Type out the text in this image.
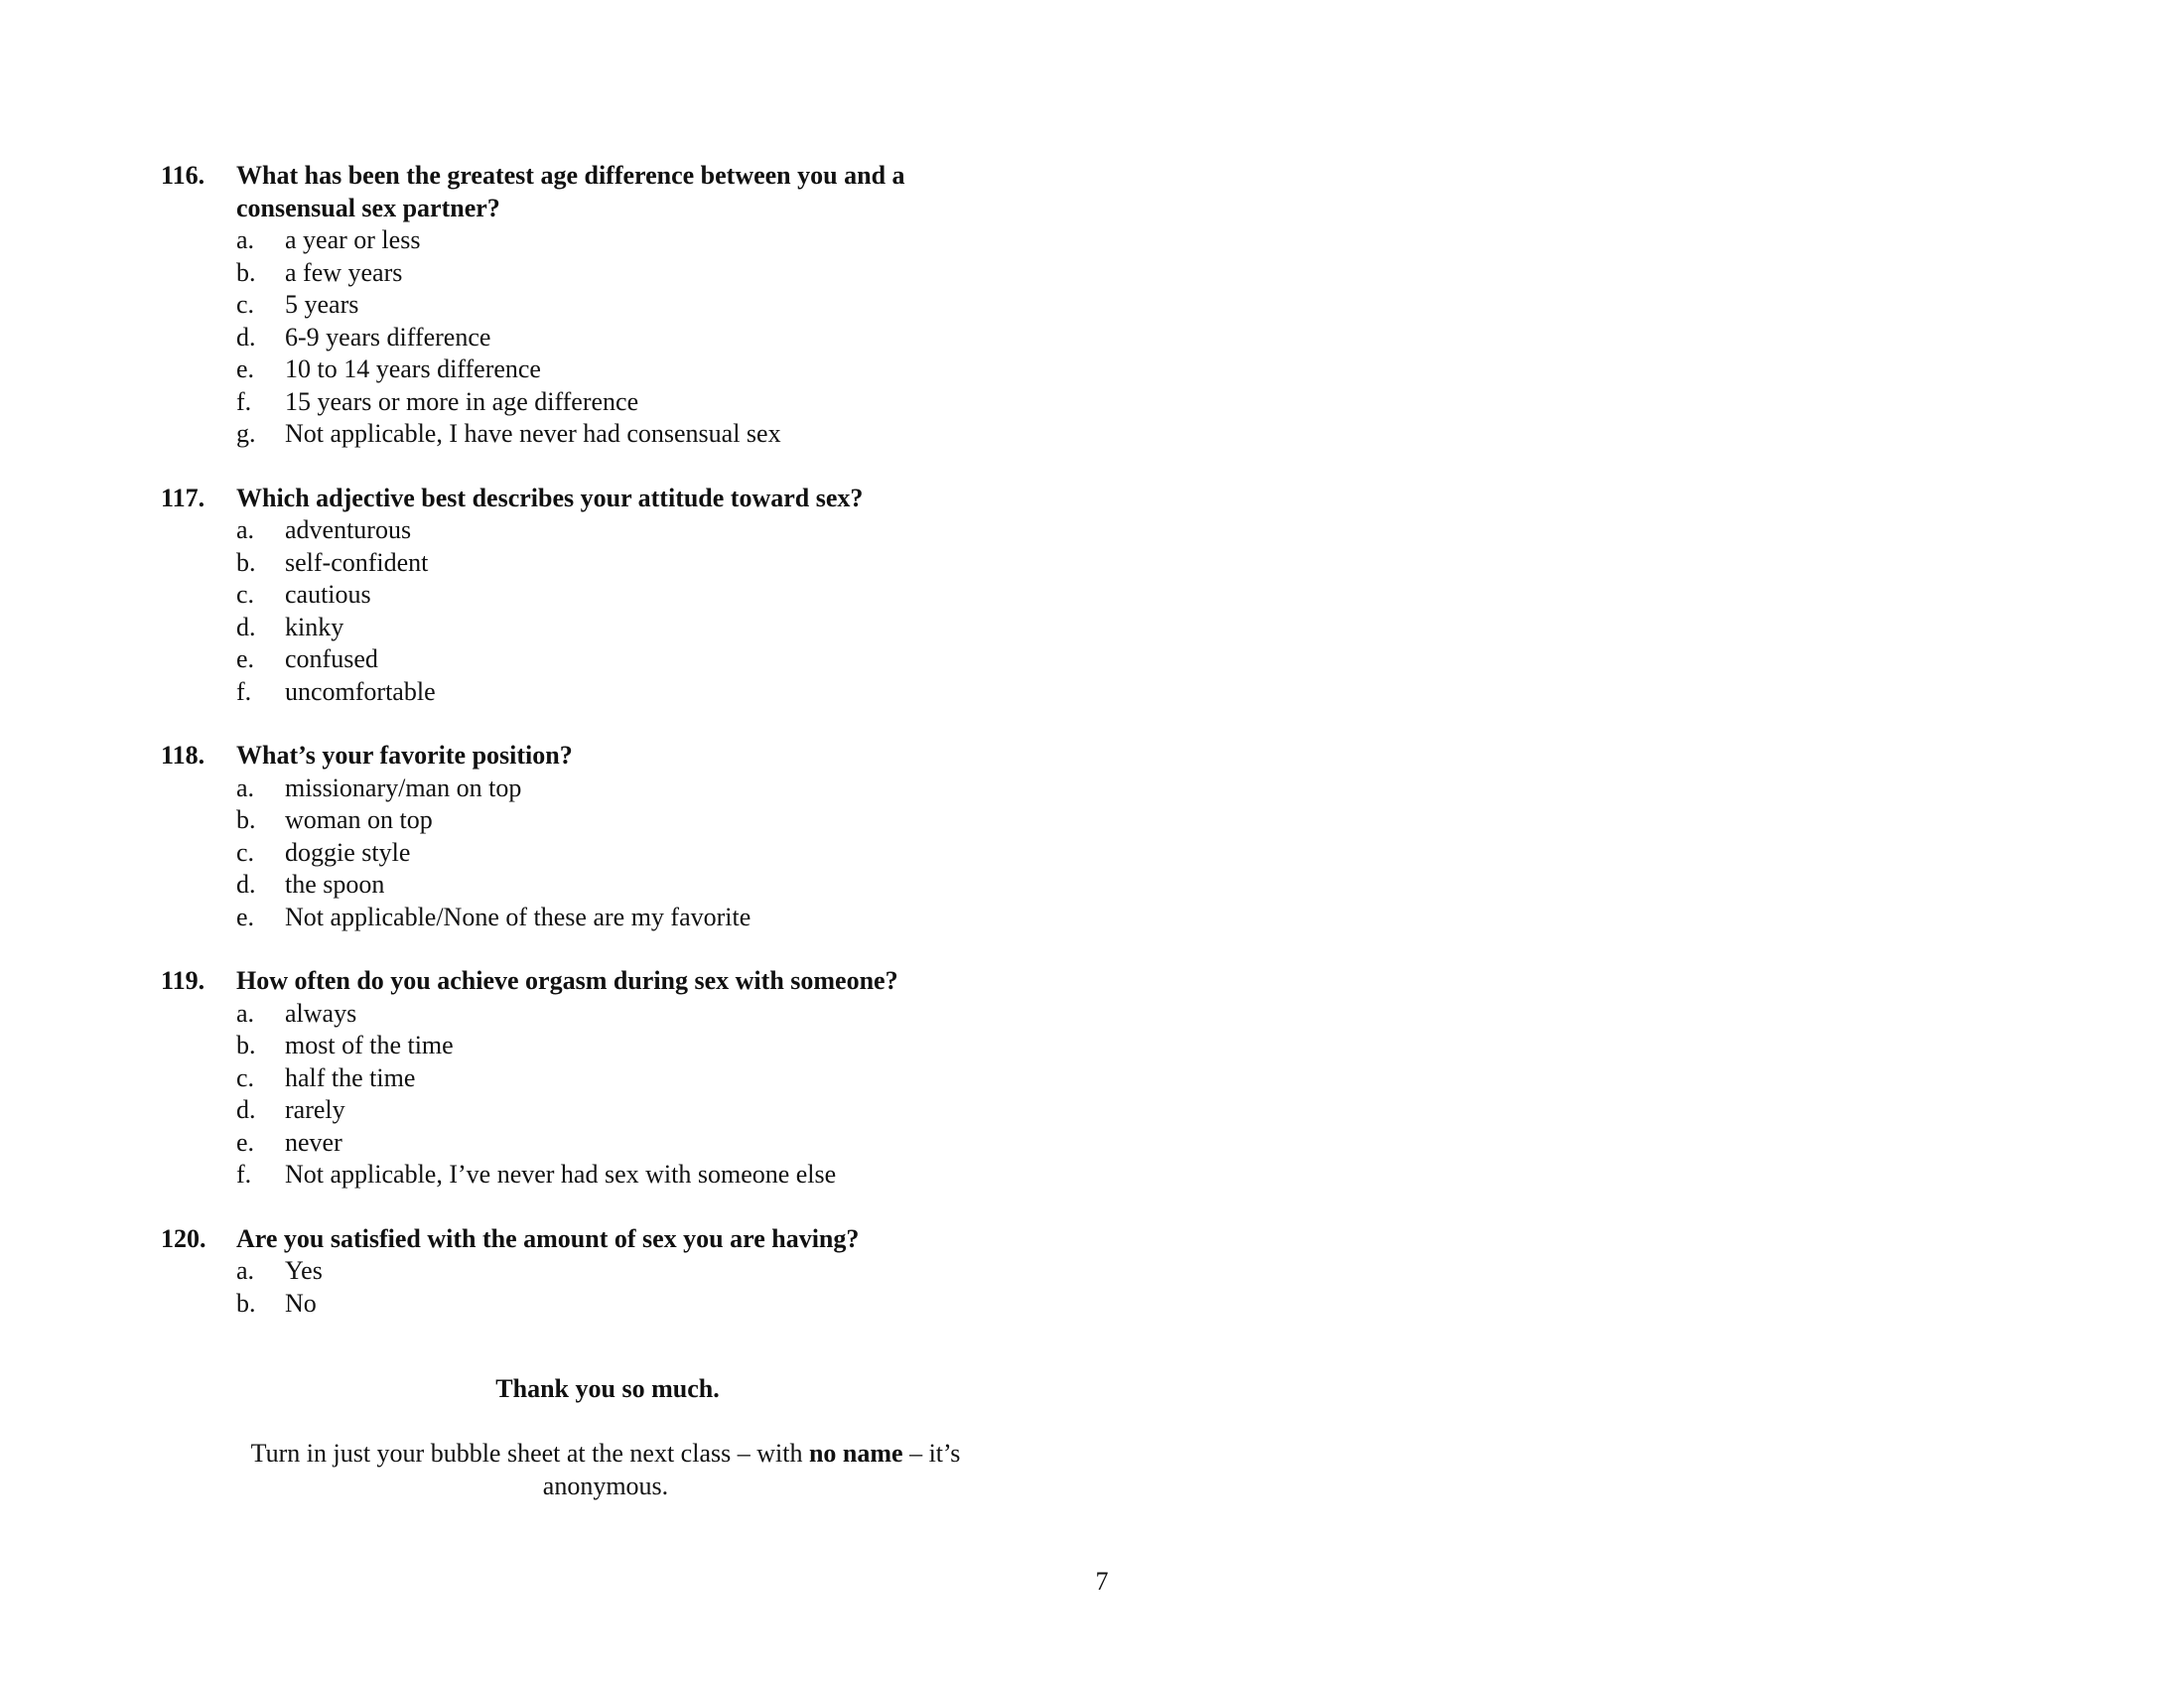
116.	What has been the greatest age difference between you and a consensual sex partner?
a.	a year or less
b.	a few years
c.	5 years
d.	6-9 years difference
e.	10 to 14 years difference
f.	15 years or more in age difference
g.	Not applicable, I have never had consensual sex
117.	Which adjective best describes your attitude toward sex?
a.	adventurous
b.	self-confident
c.	cautious
d.	kinky
e.	confused
f.	uncomfortable
118.	What’s your favorite position?
a.	missionary/man on top
b.	woman on top
c.	doggie style
d.	the spoon
e.	Not applicable/None of these are my favorite
119.	How often do you achieve orgasm during sex with someone?
a.	always
b.	most of the time
c.	half the time
d.	rarely
e.	never
f.	Not applicable, I’ve never had sex with someone else
120.	Are you satisfied with the amount of sex you are having?
a.	Yes
b.	No
Thank you so much.
Turn in just your bubble sheet at the next class – with no name – it’s anonymous.
7
